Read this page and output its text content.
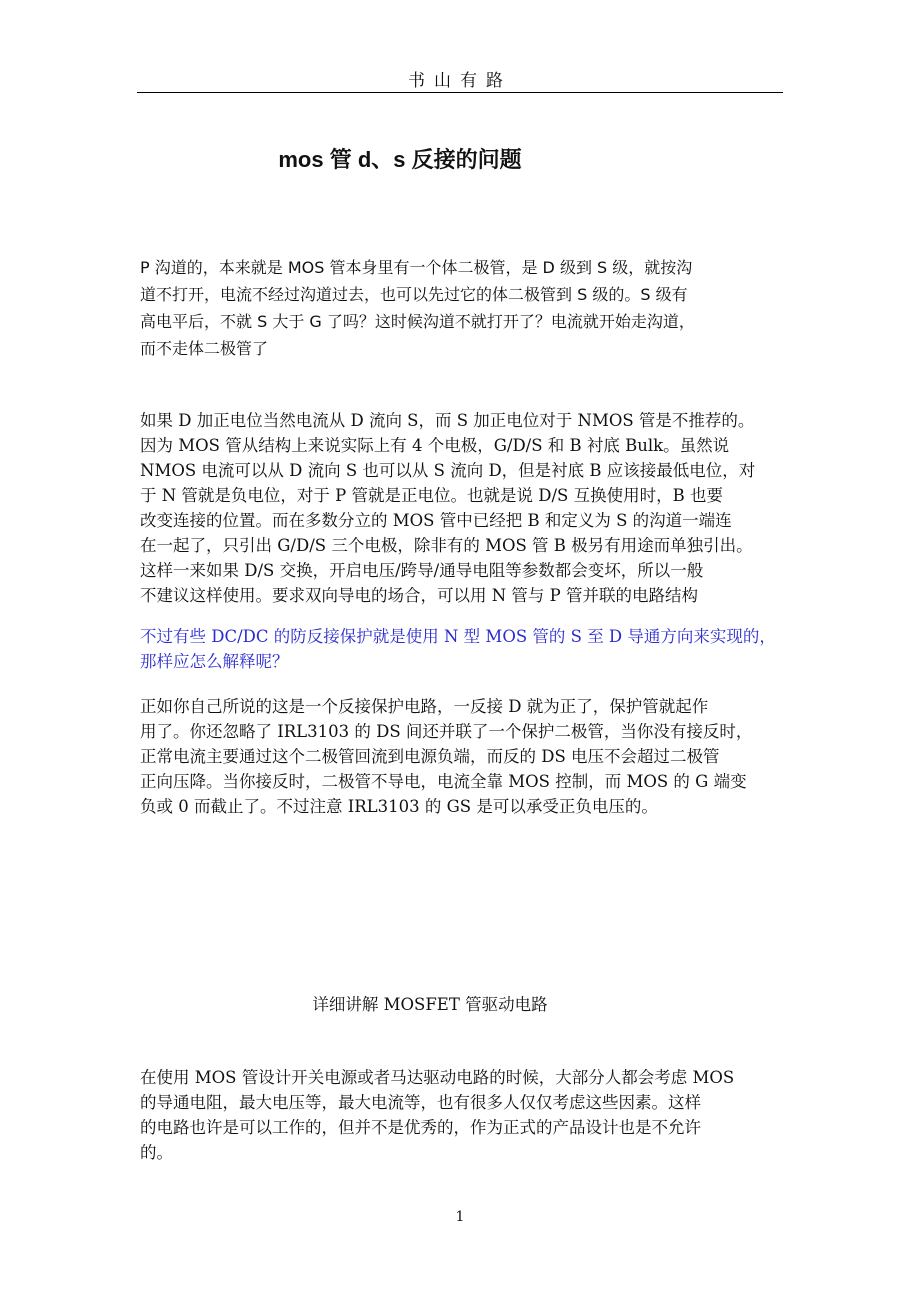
书山有路
mos 管 d、s 反接的问题
P 沟道的，本来就是 MOS 管本身里有一个体二极管，是 D 级到 S 级，就按沟
道不打开，电流不经过沟道过去，也可以先过它的体二极管到 S 级的。S 级有
高电平后，不就 S 大于 G 了吗？这时候沟道不就打开了？电流就开始走沟道，
而不走体二极管了
如果 D 加正电位当然电流从 D 流向 S，而 S 加正电位对于 NMOS 管是不推荐的。
因为 MOS 管从结构上来说实际上有 4 个电极，G/D/S 和 B 衬底 Bulk。虽然说
NMOS 电流可以从 D 流向 S 也可以从 S 流向 D，但是衬底 B 应该接最低电位，对
于 N 管就是负电位，对于 P 管就是正电位。也就是说 D/S 互换使用时，B 也要
改变连接的位置。而在多数分立的 MOS 管中已经把 B 和定义为 S 的沟道一端连
在一起了，只引出 G/D/S 三个电极，除非有的 MOS 管 B 极另有用途而单独引出。
这样一来如果 D/S 交换，开启电压/跨导/通导电阻等参数都会变坏，所以一般
不建议这样使用。要求双向导电的场合，可以用 N 管与 P 管并联的电路结构
不过有些 DC/DC 的防反接保护就是使用 N 型 MOS 管的 S 至 D 导通方向来实现的，
那样应怎么解释呢？
正如你自己所说的这是一个反接保护电路，一反接 D 就为正了，保护管就起作
用了。你还忽略了 IRL3103 的 DS 间还并联了一个保护二极管，当你没有接反时，
正常电流主要通过这个二极管回流到电源负端，而反的 DS 电压不会超过二极管
正向压降。当你接反时，二极管不导电，电流全靠 MOS 控制，而 MOS 的 G 端变
负或 0 而截止了。不过注意 IRL3103 的 GS 是可以承受正负电压的。
在使用 MOS 管设计开关电源或者马达驱动电路的时候，大部分人都会考虑 MOS
的导通电阻，最大电压等，最大电流等，也有很多人仅仅考虑这些因素。这样
的电路也许是可以工作的，但并不是优秀的，作为正式的产品设计也是不允许
的。
详细讲解 MOSFET 管驱动电路
1
